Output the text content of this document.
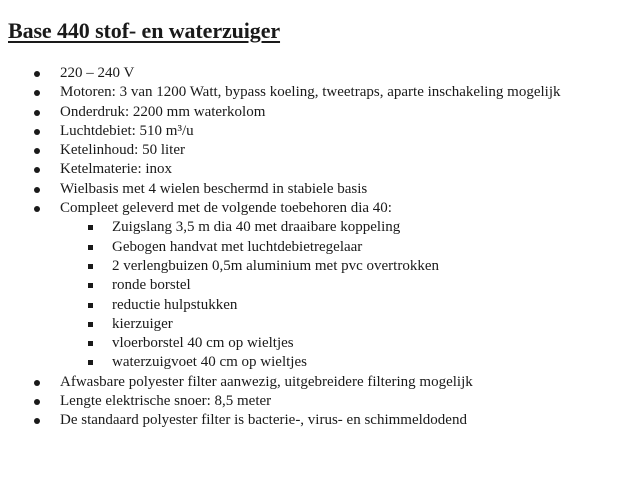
Base 440 stof- en waterzuiger
220 – 240 V
Motoren: 3 van 1200 Watt, bypass koeling, tweetraps, aparte inschakeling mogelijk
Onderdruk: 2200 mm waterkolom
Luchtdebiet: 510 m³/u
Ketelinhoud: 50 liter
Ketelmaterie: inox
Wielbasis met 4 wielen beschermd in stabiele basis
Compleet geleverd met de volgende toebehoren dia 40:
Zuigslang 3,5 m dia 40 met draaibare koppeling
Gebogen handvat met luchtdebietregelaar
2 verlengbuizen 0,5m aluminium met pvc overtrokken
ronde borstel
reductie hulpstukken
kierzuiger
vloerborstel 40 cm op wieltjes
waterzuigvoet 40 cm op wieltjes
Afwasbare polyester filter aanwezig, uitgebreidere filtering mogelijk
Lengte elektrische snoer: 8,5 meter
De standaard polyester filter is bacterie-, virus- en schimmeldodend
